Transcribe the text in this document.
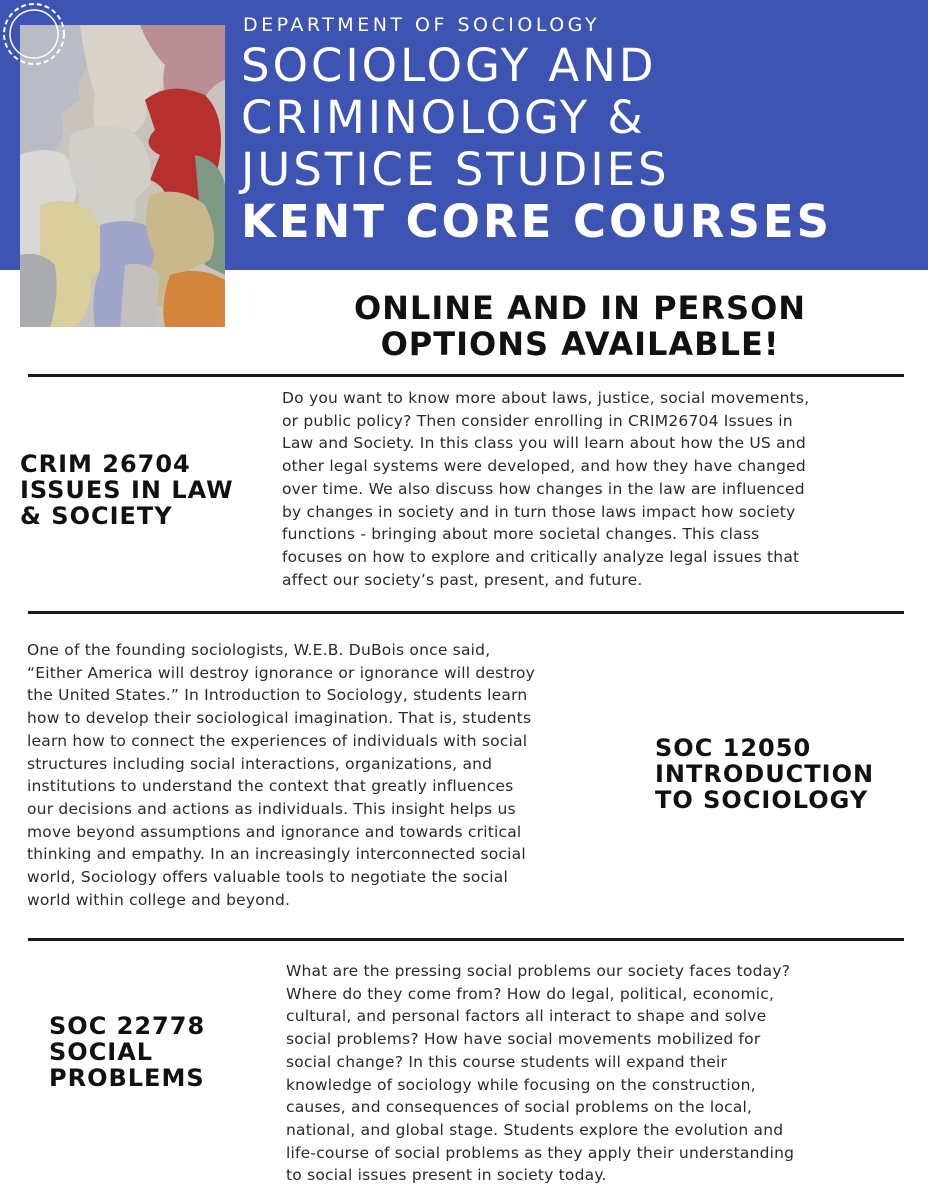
DEPARTMENT OF SOCIOLOGY
SOCIOLOGY AND
CRIMINOLOGY &
JUSTICE STUDIES
KENT CORE COURSES
ONLINE AND IN PERSON
OPTIONS AVAILABLE!
CRIM 26704
ISSUES IN LAW
& SOCIETY
Do you want to know more about laws, justice, social movements,
or public policy? Then consider enrolling in CRIM26704 Issues in
Law and Society. In this class you will learn about how the US and
other legal systems were developed, and how they have changed
over time. We also discuss how changes in the law are influenced
by changes in society and in turn those laws impact how society
functions - bringing about more societal changes. This class
focuses on how to explore and critically analyze legal issues that
affect our society’s past, present, and future.
One of the founding sociologists, W.E.B. DuBois once said,
“Either America will destroy ignorance or ignorance will destroy
the United States.” In Introduction to Sociology, students learn
how to develop their sociological imagination. That is, students
learn how to connect the experiences of individuals with social
structures including social interactions, organizations, and
institutions to understand the context that greatly influences
our decisions and actions as individuals. This insight helps us
move beyond assumptions and ignorance and towards critical
thinking and empathy. In an increasingly interconnected social
world, Sociology offers valuable tools to negotiate the social
world within college and beyond.
SOC 12050
INTRODUCTION
TO SOCIOLOGY
SOC 22778
SOCIAL
PROBLEMS
What are the pressing social problems our society faces today?
Where do they come from? How do legal, political, economic,
cultural, and personal factors all interact to shape and solve
social problems? How have social movements mobilized for
social change? In this course students will expand their
knowledge of sociology while focusing on the construction,
causes, and consequences of social problems on the local,
national, and global stage. Students explore the evolution and
life-course of social problems as they apply their understanding
to social issues present in society today.
